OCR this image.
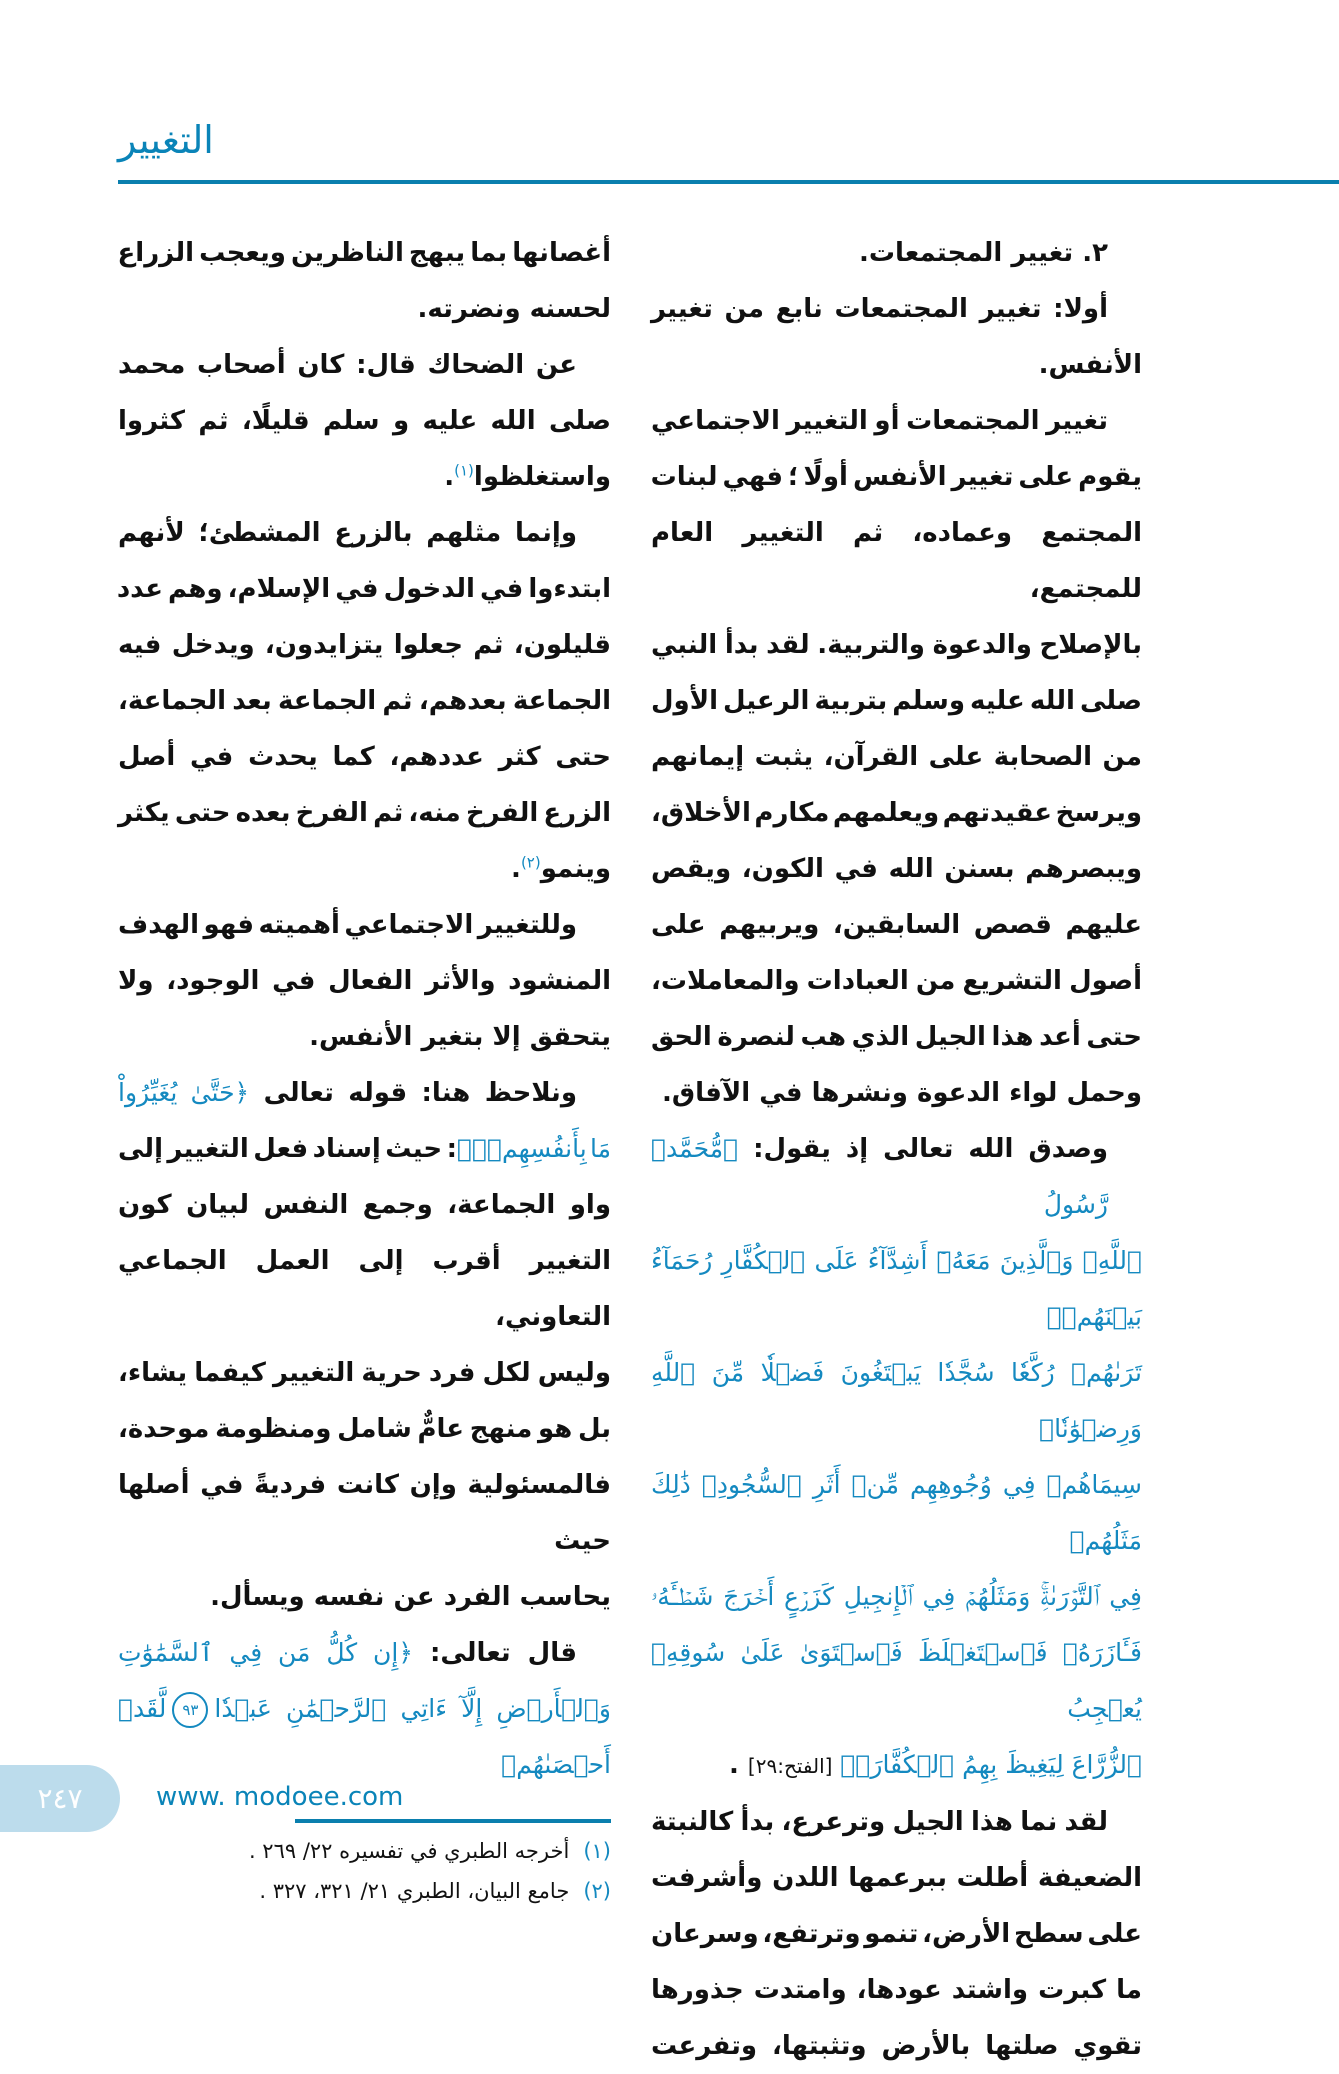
التغيير
٢. تغيير المجتمعات.
أولا: تغيير المجتمعات نابع من تغيير
الأنفس.
تغيير المجتمعات أو التغيير الاجتماعي
يقوم على تغيير الأنفس أولًا ؛ فهي لبنات
المجتمع وعماده، ثم التغيير العام للمجتمع،
بالإصلاح والدعوة والتربية. لقد بدأ النبي
صلى الله عليه وسلم بتربية الرعيل الأول
من الصحابة على القرآن، يثبت إيمانهم
ويرسخ عقيدتهم ويعلمهم مكارم الأخلاق،
ويبصرهم بسنن الله في الكون، ويقص
عليهم قصص السابقين، ويربيهم على
أصول التشريع من العبادات والمعاملات،
حتى أعد هذا الجيل الذي هب لنصرة الحق
وحمل لواء الدعوة ونشرها في الآفاق.
وصدق الله تعالى إذ يقول: ﴿مُّحَمَّدٞ رَّسُولُ
ٱللَّهِۚ وَٱلَّذِينَ مَعَهُۥٓ أَشِدَّآءُ عَلَى ٱلۡكُفَّارِ رُحَمَآءُ بَيۡنَهُمۡۖ
تَرَىٰهُمۡ رُكَّعٗا سُجَّدٗا يَبۡتَغُونَ فَضۡلٗا مِّنَ ٱللَّهِ وَرِضۡوَٰنٗاۖ
سِيمَاهُمۡ فِي وُجُوهِهِم مِّنۡ أَثَرِ ٱلسُّجُودِۚ ذَٰلِكَ مَثَلُهُمۡ
فِي ٱلتَّوۡرَىٰةِۚ وَمَثَلُهُمۡ فِي ٱلۡإِنجِيلِ كَزَرۡعٍ أَخۡرَجَ شَطۡـَٔهُۥ
فَـَٔازَرَهُۥ فَٱسۡتَغۡلَظَ فَٱسۡتَوَىٰ عَلَىٰ سُوقِهِۦ يُعۡجِبُ
ٱلزُّرَّاعَ لِيَغِيظَ بِهِمُ ٱلۡكُفَّارَۗ﴾ [الفتح:٢٩] .
لقد نما هذا الجيل وترعرع، بدأ كالنبتة
الضعيفة أطلت ببرعمها اللدن وأشرفت
على سطح الأرض، تنمو وترتفع، وسرعان
ما كبرت واشتد عودها، وامتدت جذورها
تقوي صلتها بالأرض وتثبتها، وتفرعت
أغصانها بما يبهج الناظرين ويعجب الزراع
لحسنه ونضرته.
عن الضحاك قال: كان أصحاب محمد
صلى الله عليه و سلم قليلًا، ثم كثروا
واستغلظوا$^{(١)}$.
وإنما مثلهم بالزرع المشطئ؛ لأنهم
ابتدءوا في الدخول في الإسلام، وهم عدد
قليلون، ثم جعلوا يتزايدون، ويدخل فيه
الجماعة بعدهم، ثم الجماعة بعد الجماعة،
حتى كثر عددهم، كما يحدث في أصل
الزرع الفرخ منه، ثم الفرخ بعده حتى يكثر
وينمو$^{(٢)}$.
وللتغيير الاجتماعي أهميته فهو الهدف
المنشود والأثر الفعال في الوجود، ولا
يتحقق إلا بتغير الأنفس.
ونلاحظ هنا: قوله تعالى ﴿حَتَّىٰ يُغَيِّرُواْ
مَا بِأَنفُسِهِمۡۗ﴾: حيث إسناد فعل التغيير إلى
واو الجماعة، وجمع النفس لبيان كون
التغيير أقرب إلى العمل الجماعي التعاوني،
وليس لكل فرد حرية التغيير كيفما يشاء،
بل هو منهج عامٌّ شامل ومنظومة موحدة،
فالمسئولية وإن كانت فرديةً في أصلها حيث
يحاسب الفرد عن نفسه ويسأل.
قال تعالى: ﴿إِن كُلُّ مَن فِي ٱلسَّمَٰوَٰتِ
وَٱلۡأَرۡضِ إِلَّآ ءَاتِي ٱلرَّحۡمَٰنِ عَبۡدٗا٩٣لَّقَدۡ أَحۡصَىٰهُمۡ
(١)أخرجه الطبري في تفسيره ٢٢/ ٢٦٩ .
(٢)جامع البيان، الطبري ٢١/ ٣٢١، ٣٢٧ .
٢٤٧	www. modoee.com
